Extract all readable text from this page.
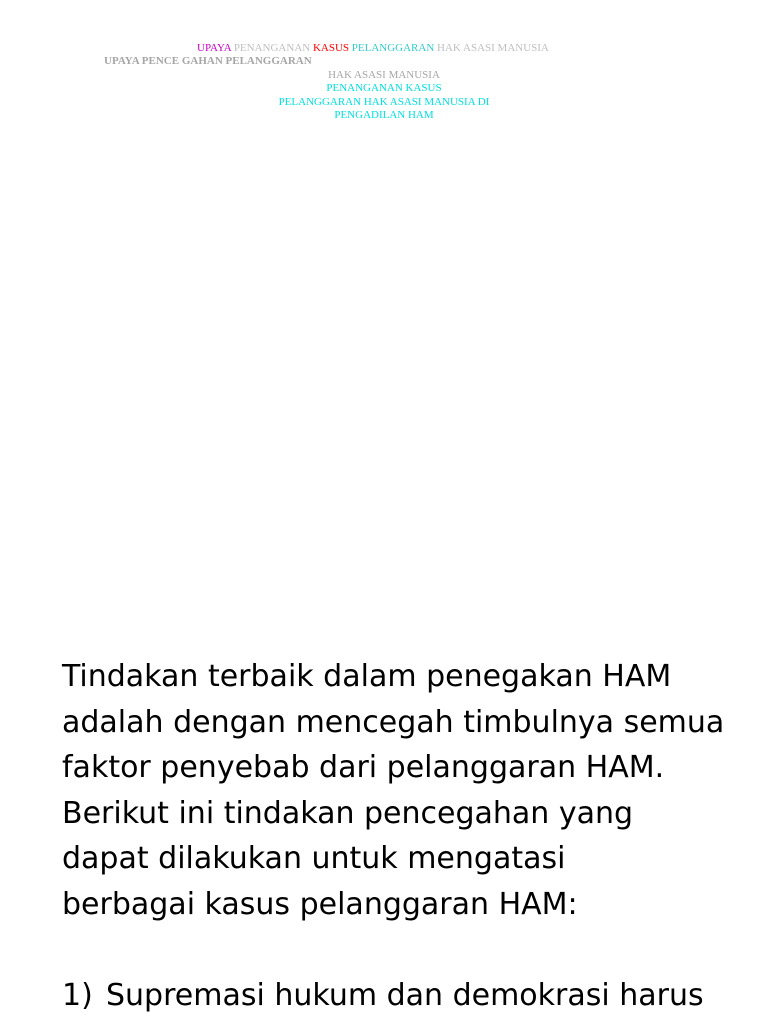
UPAYA PENANGANAN KASUS PELANGGARAN HAK ASASI MANUSIA
UPAYA PENCE GAHAN PELANGGARAN
HAK ASASI MANUSIA
PENANGANAN KASUS
PELANGGARAN HAK ASASI MANUSIA DI
PENGADILAN HAM

Tindakan terbaik dalam penegakan HAM

adalah dengan mencegah timbulnya semua

faktor penyebab dari pelanggaran HAM.

Berikut ini tindakan pencegahan yang

dapat dilakukan untuk mengatasi

berbagai kasus pelanggaran HAM:

1) Supremasi hukum dan demokrasi harus
